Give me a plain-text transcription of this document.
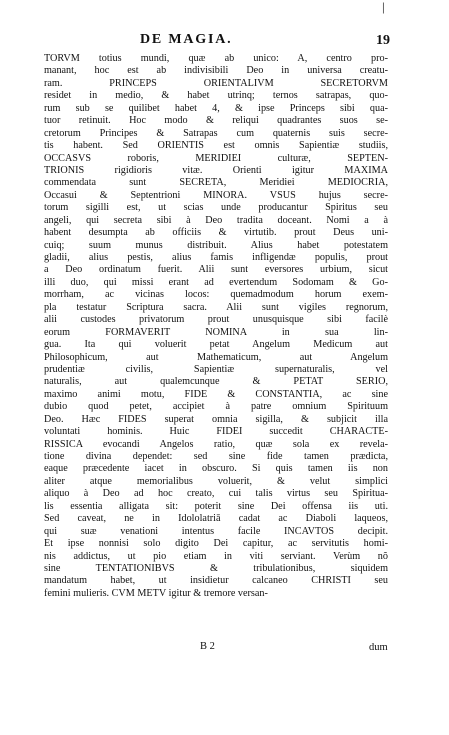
|
DE MAGIA.	19
TORVM totius mundi, quæ ab unico: A, centro pro-
manant, hoc est ab indivisibili Deo in universa creatu-
ram. PRINCEPS ORIENTALIVM SECRETORVM
residet in medio, & habet utrinq; ternos satrapas, quo-
rum sub se quilibet habet 4, & ipse Princeps sibi qua-
tuor retinuit. Hoc modo & reliqui quadrantes suos se-
cretorum Principes & Satrapas cum quaternis suis secre-
tis habent. Sed ORIENTIS est omnis Sapientiæ studiis,
OCCASVS roboris, MERIDIEI culturæ, SEPTEN-
TRIONIS rigidioris vitæ. Orienti igitur MAXIMA
commendata sunt SECRETA, Meridiei MEDIOCRIA,
Occasui & Septentrioni MINORA. VSUS hujus secre-
torum sigilli est, ut scias unde producantur Spiritus seu
angeli, qui secreta sibi à Deo tradita doceant. Nomi a à
habent desumpta ab officiis & virtutib. prout Deus uni-
cuiq; suum munus distribuit. Alius habet potestatem
gladii, alius pestis, alius famis infligendæ populis, prout
a Deo ordinatum fuerit. Alii sunt eversores urbium, sicut
illi duo, qui missi erant ad evertendum Sodomam & Go-
morrham, ac vicinas locos: quemadmodum horum exem-
pla testatur Scriptura sacra. Alii sunt vigiles regnorum,
alii custodes privatorum prout unusquisque sibi facilè
eorum FORMAVERIT NOMINA in sua lin-
gua. Ita qui voluerit petat Angelum Medicum aut
Philosophicum, aut Mathematicum, aut Angelum
prudentiæ civilis, Sapientiæ supernaturalis, vel
naturalis, aut qualemcunque & PETAT SERIO,
maximo animi motu, FIDE & CONSTANTIA, ac sine
dubio quod petet, accipiet à patre omnium Spirituum
Deo. Hæc FIDES superat omnia sigilla, & subjicit illa
voluntati hominis. Huic FIDEI succedit CHARACTE-
RISSICA evocandi Angelos ratio, quæ sola ex revela-
tione divina dependet: sed sine fide tamen prædicta,
eaque præcedente iacet in obscuro. Si quis tamen iis non
aliter atque memorialibus voluerit, & velut simplici
aliquo à Deo ad hoc creato, cui talis virtus seu Spiritua-
lis essentia alligata sit: poterit sine Dei offensa iis uti.
Sed caveat, ne in Idololatriā cadat ac Diaboli laqueos,
qui suæ venationi intentus facile INCAVTOS decipit.
Et ipse nonnisi solo digito Dei capitur, ac servitutis homi-
nis addictus, ut pio etiam in viti serviant. Verùm nõ
sine TENTATIONIBVS & tribulationibus, siquidem
mandatum habet, ut insidietur calcaneo CHRISTI seu
femini mulieris. CVM METV igitur & tremore versan-
B 2	dum
